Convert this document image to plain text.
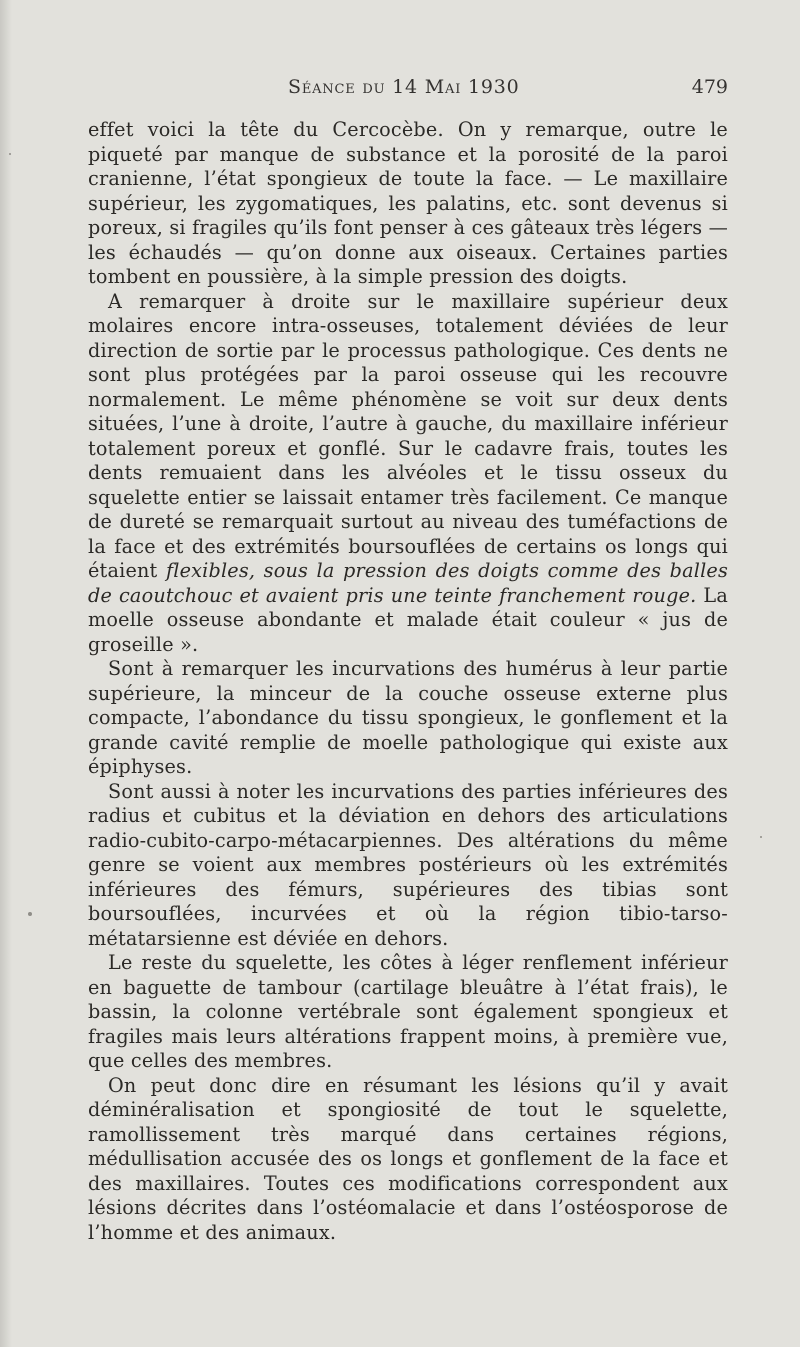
Séance du 14 Mai 1930	479

effet voici la tête du Cercocèbe. On y remarque, outre le piqueté par manque de substance et la porosité de la paroi cranienne, l’état spongieux de toute la face. — Le maxillaire supérieur, les zygomatiques, les palatins, etc. sont devenus si poreux, si fragiles qu’ils font penser à ces gâteaux très légers — les échaudés — qu’on donne aux oiseaux. Certaines parties tombent en poussière, à la simple pression des doigts.

A remarquer à droite sur le maxillaire supérieur deux molaires encore intra-osseuses, totalement déviées de leur direction de sortie par le processus pathologique. Ces dents ne sont plus protégées par la paroi osseuse qui les recouvre normalement. Le même phénomène se voit sur deux dents situées, l’une à droite, l’autre à gauche, du maxillaire inférieur totalement poreux et gonflé. Sur le cadavre frais, toutes les dents remuaient dans les alvéoles et le tissu osseux du squelette entier se laissait entamer très facilement. Ce manque de dureté se remarquait surtout au niveau des tuméfactions de la face et des extrémités boursouflées de certains os longs qui étaient flexibles, sous la pression des doigts comme des balles de caoutchouc et avaient pris une teinte franchement rouge. La moelle osseuse abondante et malade était couleur « jus de groseille ».

Sont à remarquer les incurvations des humérus à leur partie supérieure, la minceur de la couche osseuse externe plus compacte, l’abondance du tissu spongieux, le gonflement et la grande cavité remplie de moelle pathologique qui existe aux épiphyses.

Sont aussi à noter les incurvations des parties inférieures des radius et cubitus et la déviation en dehors des articulations radio-cubito-carpo-métacarpiennes. Des altérations du même genre se voient aux membres postérieurs où les extrémités inférieures des fémurs, supérieures des tibias sont boursouflées, incurvées et où la région tibio-tarso-métatarsienne est déviée en dehors.

Le reste du squelette, les côtes à léger renflement inférieur en baguette de tambour (cartilage bleuâtre à l’état frais), le bassin, la colonne vertébrale sont également spongieux et fragiles mais leurs altérations frappent moins, à première vue, que celles des membres.

On peut donc dire en résumant les lésions qu’il y avait déminéralisation et spongiosité de tout le squelette, ramollissement très marqué dans certaines régions, médullisation accusée des os longs et gonflement de la face et des maxillaires. Toutes ces modifications correspondent aux lésions décrites dans l’ostéomalacie et dans l’ostéosporose de l’homme et des animaux.
